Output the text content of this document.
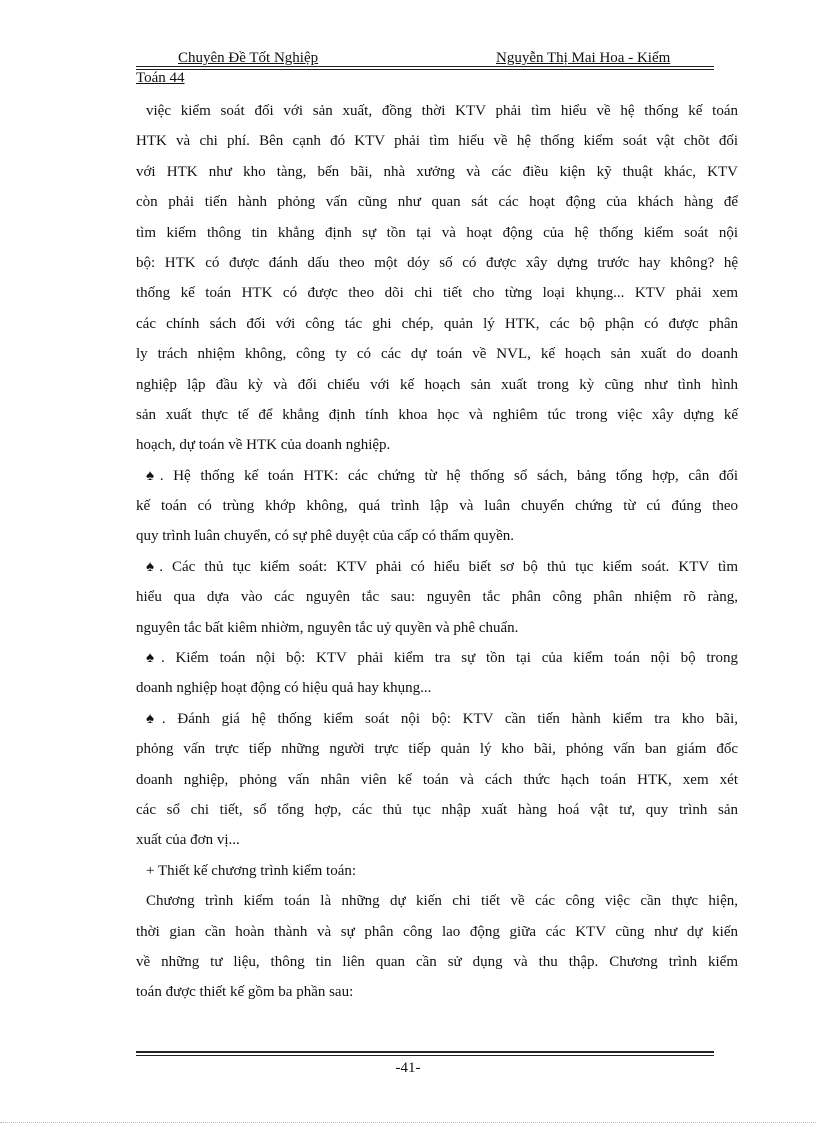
Chuyên Đề Tốt Nghiệp	Nguyễn Thị Mai Hoa - Kiểm
Toán 44
việc kiểm soát đối với sản xuất, đồng thời KTV phải tìm hiểu về hệ thống kế toán
HTK và chi phí. Bên cạnh đó KTV phải tìm hiểu về hệ thống kiểm soát vật chõt đối
với HTK như kho tàng, bến bãi, nhà xưởng và các điều kiện kỹ thuật khác, KTV
còn phải tiến hành phỏng vấn cũng như quan sát các hoạt động của khách hàng để
tìm kiếm thông tin khẳng định sự tồn tại và hoạt động của hệ thống kiểm soát nội
bộ: HTK có được đánh dấu theo một dóy số có được xây dựng trước hay không? hệ
thống kế toán HTK có được theo dõi chi tiết cho từng loại khụng... KTV phải xem
các chính sách đối với công tác ghi chép, quản lý HTK, các bộ phận có được phân
ly trách nhiệm không, công ty có các dự toán về NVL, kế hoạch sản xuất do doanh
nghiệp lập đầu kỳ và đối chiếu với kế hoạch sản xuất trong kỳ cũng như tình hình
sản xuất thực tế để khẳng định tính khoa học và nghiêm túc trong việc xây dựng kế
hoạch, dự toán về HTK của doanh nghiệp.
♠. Hệ thống kế toán HTK: các chứng từ hệ thống sổ sách, bảng tổng hợp, cân đối
kế toán có trùng khớp không, quá trình lập và luân chuyển chứng từ cú đúng theo
quy trình luân chuyển, có sự phê duyệt của cấp có thẩm quyền.
♠. Các thủ tục kiểm soát: KTV phải có hiểu biết sơ bộ thủ tục kiểm soát. KTV tìm
hiểu qua dựa vào các nguyên tắc sau: nguyên tắc phân công phân nhiệm rõ ràng,
nguyên tắc bất kiêm nhiờm, nguyên tắc uỷ quyền và phê chuẩn.
♠. Kiểm toán nội bộ: KTV phải kiểm tra sự tồn tại của kiểm toán nội bộ trong
doanh nghiệp hoạt động có hiệu quả hay khụng...
♠. Đánh giá hệ thống kiểm soát nội bộ: KTV cần tiến hành kiểm tra kho bãi,
phỏng vấn trực tiếp những người trực tiếp quản lý kho bãi, phỏng vấn ban giám đốc
doanh nghiệp, phỏng vấn nhân viên kế toán và cách thức hạch toán HTK, xem xét
các sổ chi tiết, sổ tổng hợp, các thủ tục nhập xuất hàng hoá vật tư, quy trình sản
xuất của đơn vị...
+ Thiết kế chương trình kiểm toán:
Chương trình kiểm toán là những dự kiến chi tiết về các công việc cần thực hiện,
thời gian cần hoàn thành và sự phân công lao động giữa các KTV cũng như dự kiến
về những tư liệu, thông tin liên quan cần sử dụng và thu thập. Chương trình kiểm
toán được thiết kế gồm ba phần sau:
-41-
